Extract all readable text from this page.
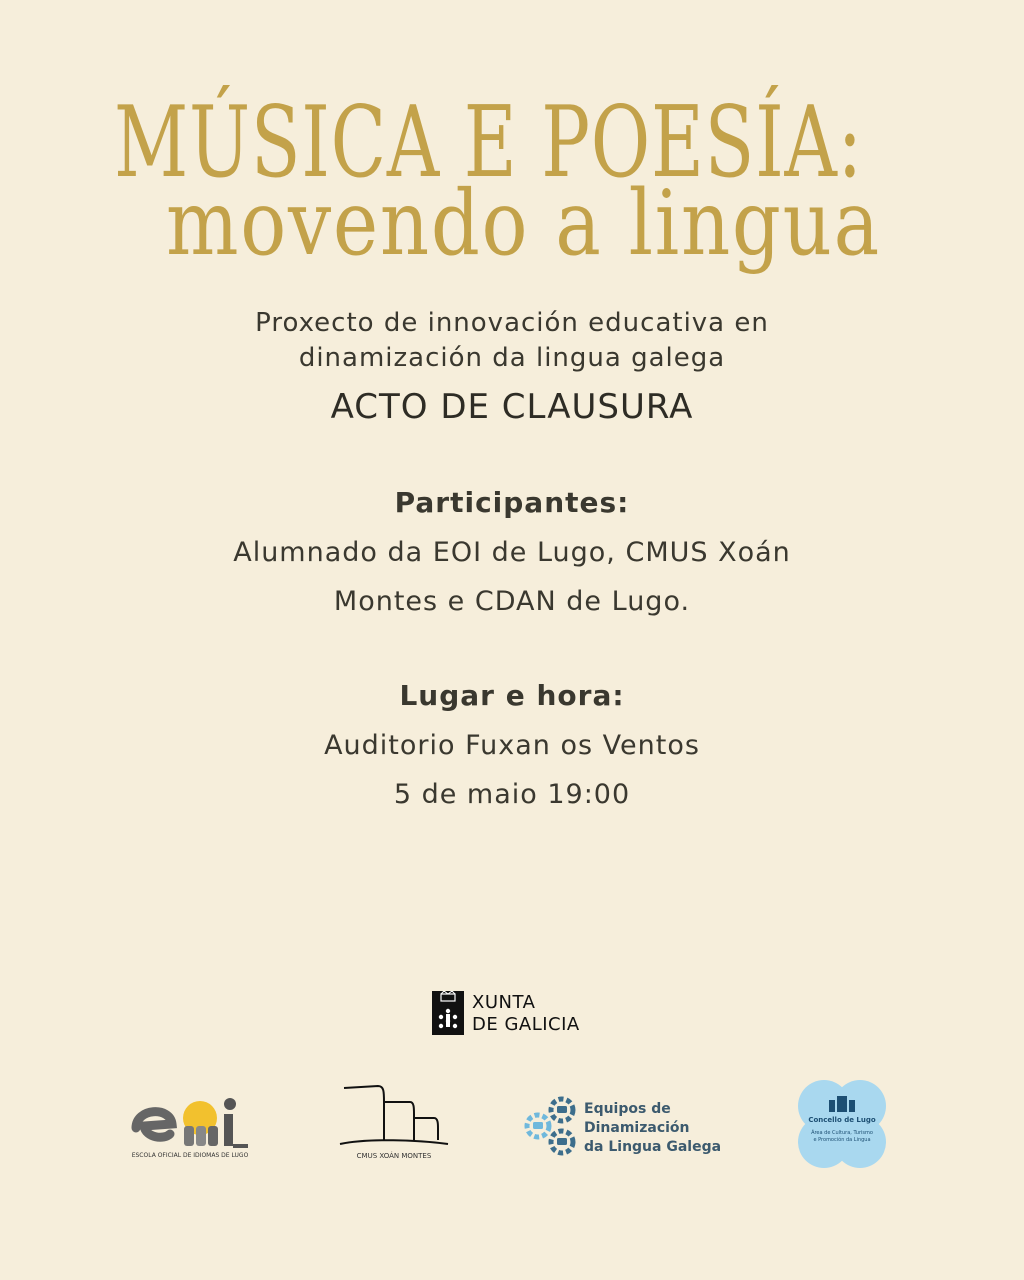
MÚSICA E POESÍA:
movendo a lingua
Proxecto de innovación educativa en
dinamización da lingua galega
ACTO DE CLAUSURA
Participantes:
Alumnado da EOI de Lugo, CMUS Xoán
Montes e CDAN de Lugo.
Lugar e hora:
Auditorio Fuxan os Ventos
5 de maio 19:00
XUNTA
DE GALICIA
ESCOLA OFICIAL DE IDIOMAS DE LUGO	CMUS XOÁN MONTES
Equipos de
Dinamización
da Lingua Galega
Concello de Lugo
Área de Cultura, Turismo
e Promoción da Lingua
